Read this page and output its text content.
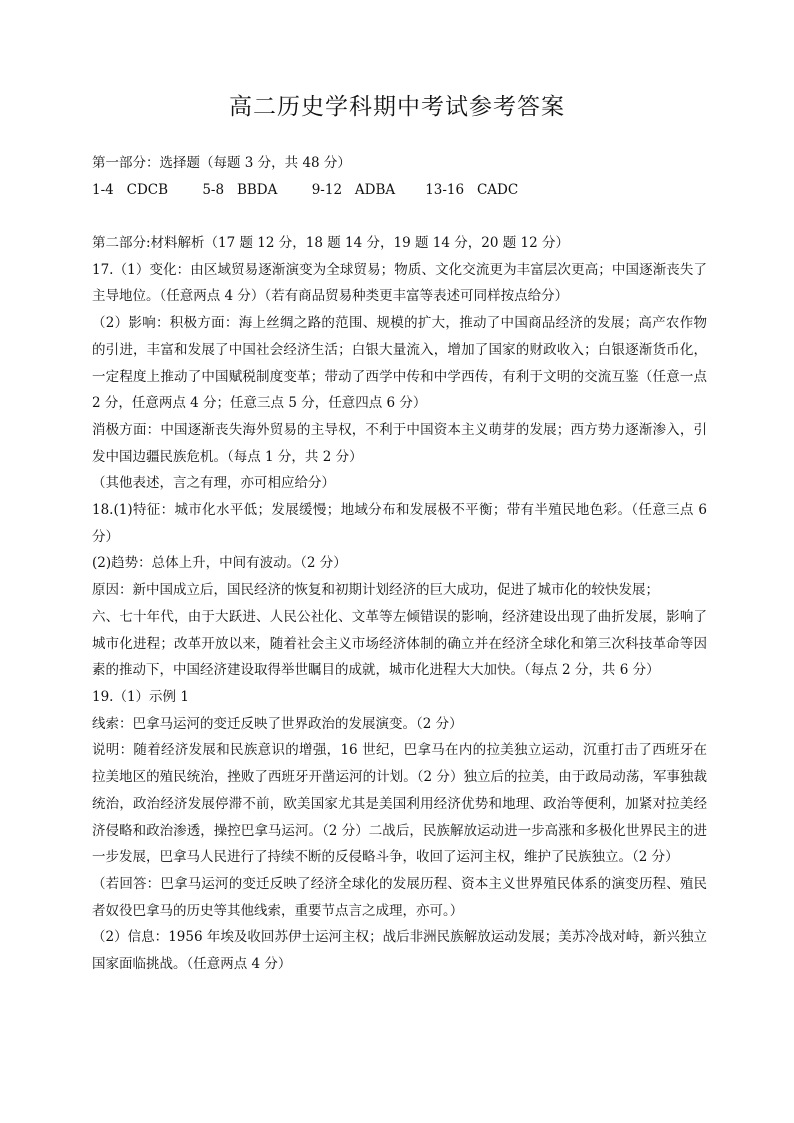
高二历史学科期中考试参考答案

第一部分：选择题（每题 3 分，共 48 分）

1-4   CDCB        5-8   BBDA        9-12   ADBA       13-16   CADC

第二部分:材料解析（17 题 12 分，18 题 14 分，19 题 14 分，20 题 12 分）

17.（1）变化：由区域贸易逐渐演变为全球贸易；物质、文化交流更为丰富层次更高；中国逐渐丧失了主导地位。（任意两点 4 分）（若有商品贸易种类更丰富等表述可同样按点给分）

（2）影响：积极方面：海上丝绸之路的范围、规模的扩大，推动了中国商品经济的发展；高产农作物的引进，丰富和发展了中国社会经济生活；白银大量流入，增加了国家的财政收入；白银逐渐货币化，一定程度上推动了中国赋税制度变革；带动了西学中传和中学西传，有利于文明的交流互鉴（任意一点 2 分，任意两点 4 分；任意三点 5 分，任意四点 6 分）

消极方面：中国逐渐丧失海外贸易的主导权，不利于中国资本主义萌芽的发展；西方势力逐渐渗入，引发中国边疆民族危机。（每点 1 分，共 2 分）

（其他表述，言之有理，亦可相应给分）

18.(1)特征：城市化水平低；发展缓慢；地域分布和发展极不平衡；带有半殖民地色彩。（任意三点 6 分）

(2)趋势：总体上升，中间有波动。（2 分）

原因：新中国成立后，国民经济的恢复和初期计划经济的巨大成功，促进了城市化的较快发展；

六、七十年代，由于大跃进、人民公社化、文革等左倾错误的影响，经济建设出现了曲折发展，影响了城市化进程；改革开放以来，随着社会主义市场经济体制的确立并在经济全球化和第三次科技革命等因素的推动下，中国经济建设取得举世瞩目的成就，城市化进程大大加快。（每点 2 分，共 6 分）

19.（1）示例 1

线索：巴拿马运河的变迁反映了世界政治的发展演变。（2 分）

说明：随着经济发展和民族意识的增强，16 世纪，巴拿马在内的拉美独立运动，沉重打击了西班牙在拉美地区的殖民统治，挫败了西班牙开凿运河的计划。（2 分）独立后的拉美，由于政局动荡，军事独裁统治，政治经济发展停滞不前，欧美国家尤其是美国利用经济优势和地理、政治等便利，加紧对拉美经济侵略和政治渗透，操控巴拿马运河。（2 分）二战后，民族解放运动进一步高涨和多极化世界民主的进一步发展，巴拿马人民进行了持续不断的反侵略斗争，收回了运河主权，维护了民族独立。（2 分）

（若回答：巴拿马运河的变迁反映了经济全球化的发展历程、资本主义世界殖民体系的演变历程、殖民者奴役巴拿马的历史等其他线索，重要节点言之成理，亦可。）

（2）信息：1956 年埃及收回苏伊士运河主权；战后非洲民族解放运动发展；美苏冷战对峙，新兴独立国家面临挑战。（任意两点 4 分）
